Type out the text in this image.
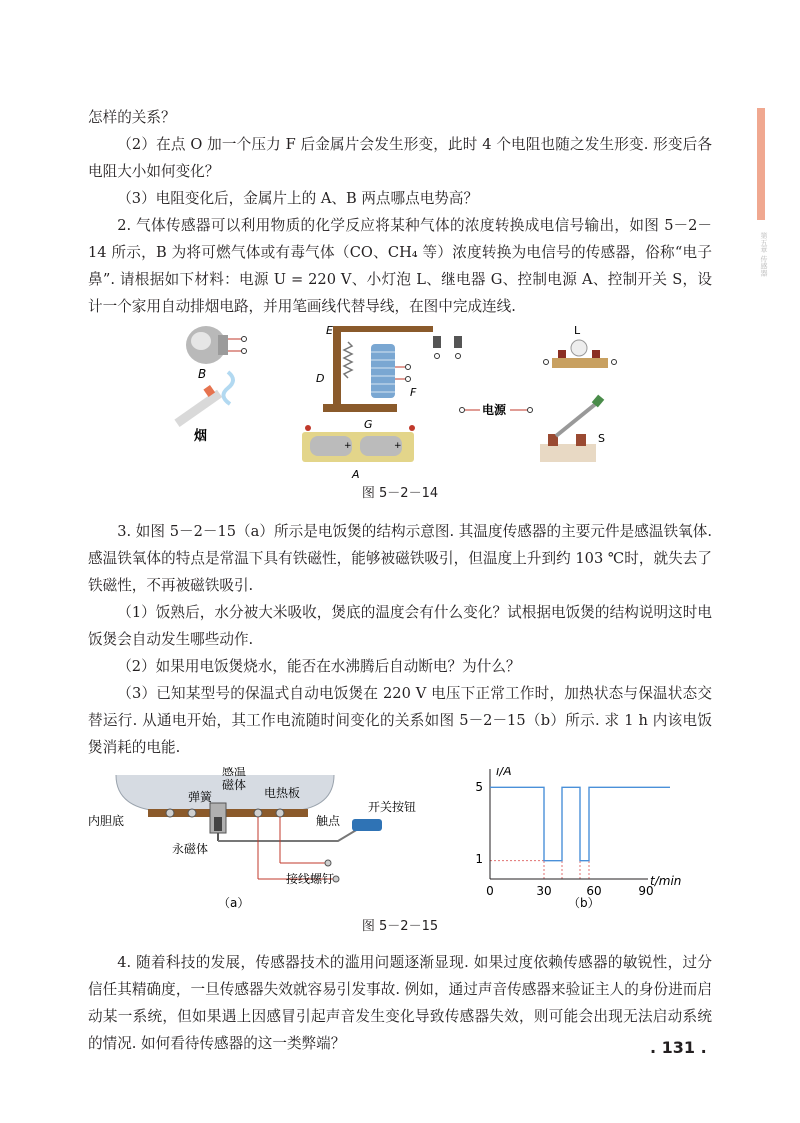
第五章 传感器

怎样的关系？

（2）在点 O 加一个压力 F 后金属片会发生形变，此时 4 个电阻也随之发生形变. 形变后各电阻大小如何变化？

（3）电阻变化后，金属片上的 A、B 两点哪点电势高？

2. 气体传感器可以利用物质的化学反应将某种气体的浓度转换成电信号输出，如图 5－2－14 所示，B 为将可燃气体或有毒气体（CO、CH₄ 等）浓度转换为电信号的传感器，俗称“电子鼻”. 请根据如下材料：电源 U = 220 V、小灯泡 L、继电器 G、控制电源 A、控制开关 S，设计一个家用自动排烟电路，并用笔画线代替导线，在图中完成连线.

B
烟
E
D
F
G
+	+
A
电源
L
S

图 5－2－14

3. 如图 5－2－15（a）所示是电饭煲的结构示意图. 其温度传感器的主要元件是感温铁氧体. 感温铁氧体的特点是常温下具有铁磁性，能够被磁铁吸引，但温度上升到约 103 ℃时，就失去了铁磁性，不再被磁铁吸引.

（1）饭熟后，水分被大米吸收，煲底的温度会有什么变化？试根据电饭煲的结构说明这时电饭煲会自动发生哪些动作.

（2）如果用电饭煲烧水，能否在水沸腾后自动断电？为什么？

（3）已知某型号的保温式自动电饭煲在 220 V 电压下正常工作时，加热状态与保温状态交替运行. 从通电开始，其工作电流随时间变化的关系如图 5－2－15（b）所示. 求 1 h 内该电饭煲消耗的电能.

弹簧
感温
磁体
电热板
内胆底	触点
开关按钮
永磁体
接线螺钉
（a）
i/A
t/min
5
1
0	30	60	90
（b）

图 5－2－15

4. 随着科技的发展，传感器技术的滥用问题逐渐显现. 如果过度依赖传感器的敏锐性，过分信任其精确度，一旦传感器失效就容易引发事故. 例如，通过声音传感器来验证主人的身份进而启动某一系统，但如果遇上因感冒引起声音发生变化导致传感器失效，则可能会出现无法启动系统的情况. 如何看待传感器的这一类弊端？	. 131 .
